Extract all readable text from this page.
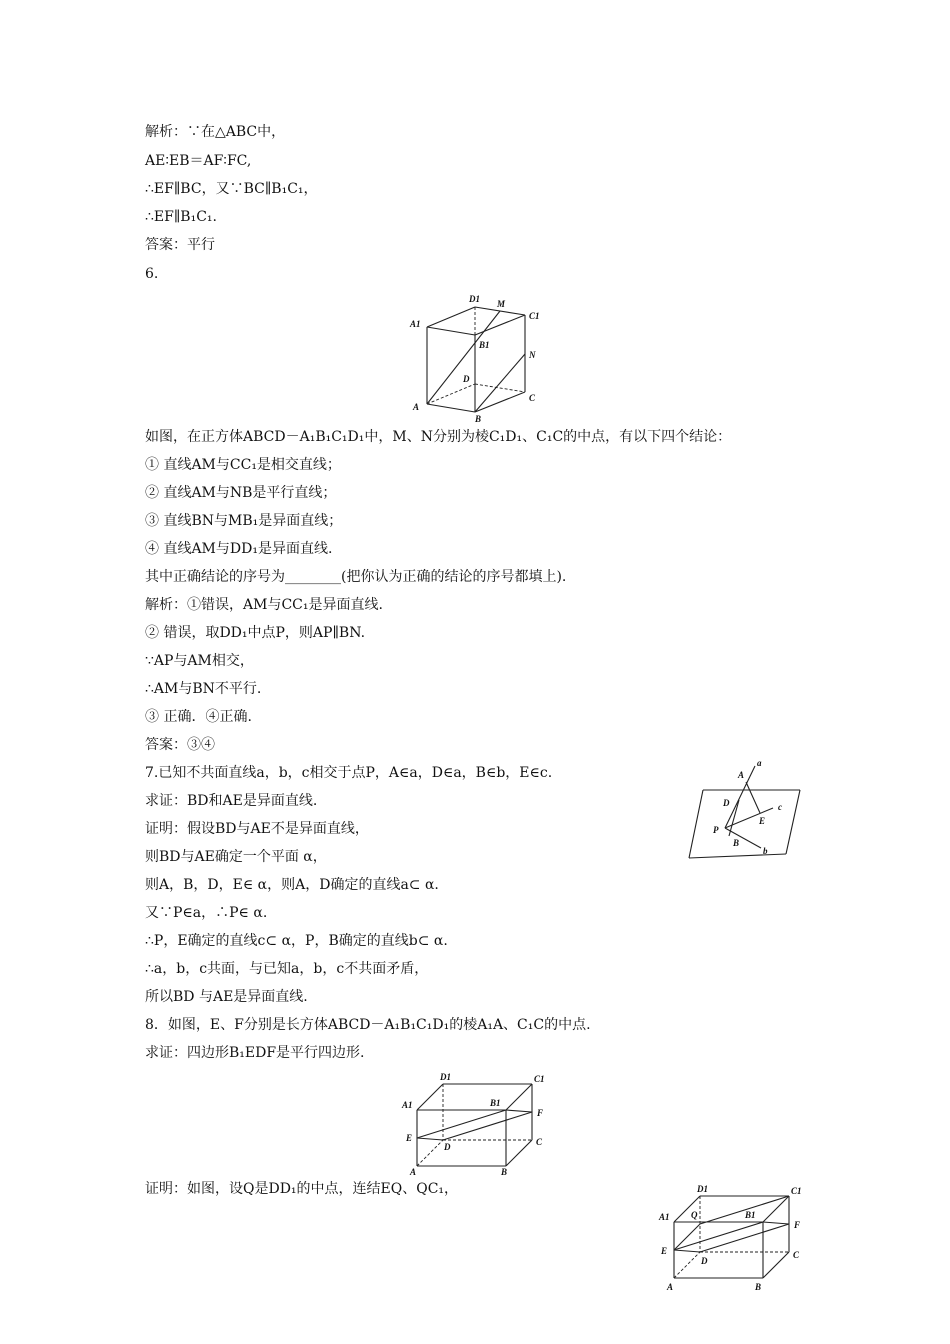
解析：∵在△ABC中，
AE∶EB＝AF∶FC,
∴EF∥BC，又∵BC∥B₁C₁，
∴EF∥B₁C₁.
答案：平行
6.
D1 M
C1
A1
B1
N
D
A
B
C
如图，在正方体ABCD－A₁B₁C₁D₁中，M、N分别为棱C₁D₁、C₁C的中点，有以下四个结论：
① 直线AM与CC₁是相交直线；
② 直线AM与NB是平行直线；
③ 直线BN与MB₁是异面直线；
④ 直线AM与DD₁是异面直线.
其中正确结论的序号为________(把你认为正确的结论的序号都填上).
解析：①错误，AM与CC₁是异面直线.
② 错误，取DD₁中点P，则AP∥BN.
∵AP与AM相交，
∴AM与BN不平行.
③ 正确．④正确.
答案：③④
7.已知不共面直线a，b，c相交于点P，A∈a，D∈a，B∈b，E∈c.
求证：BD和AE是异面直线.
证明：假设BD与AE不是异面直线，
则BD与AE确定一个平面 α，
则A，B，D，E∈ α，则A，D确定的直线a⊂ α.
又∵P∈a，∴P∈ α.
∴P，E确定的直线c⊂ α，P，B确定的直线b⊂ α.
∴a，b，c共面，与已知a，b，c不共面矛盾，
所以BD 与AE是异面直线.
A
a
D	c
E
P
B
b
8．如图，E、F分别是长方体ABCD－A₁B₁C₁D₁的棱A₁A、C₁C的中点.
求证：四边形B₁EDF是平行四边形.
D1	C1
A1	B1
F
E
D	C
A	B
证明：如图，设Q是DD₁的中点，连结EQ、QC₁，	D1	C1
A1 Q	B1
F
E
D
C
A	B
